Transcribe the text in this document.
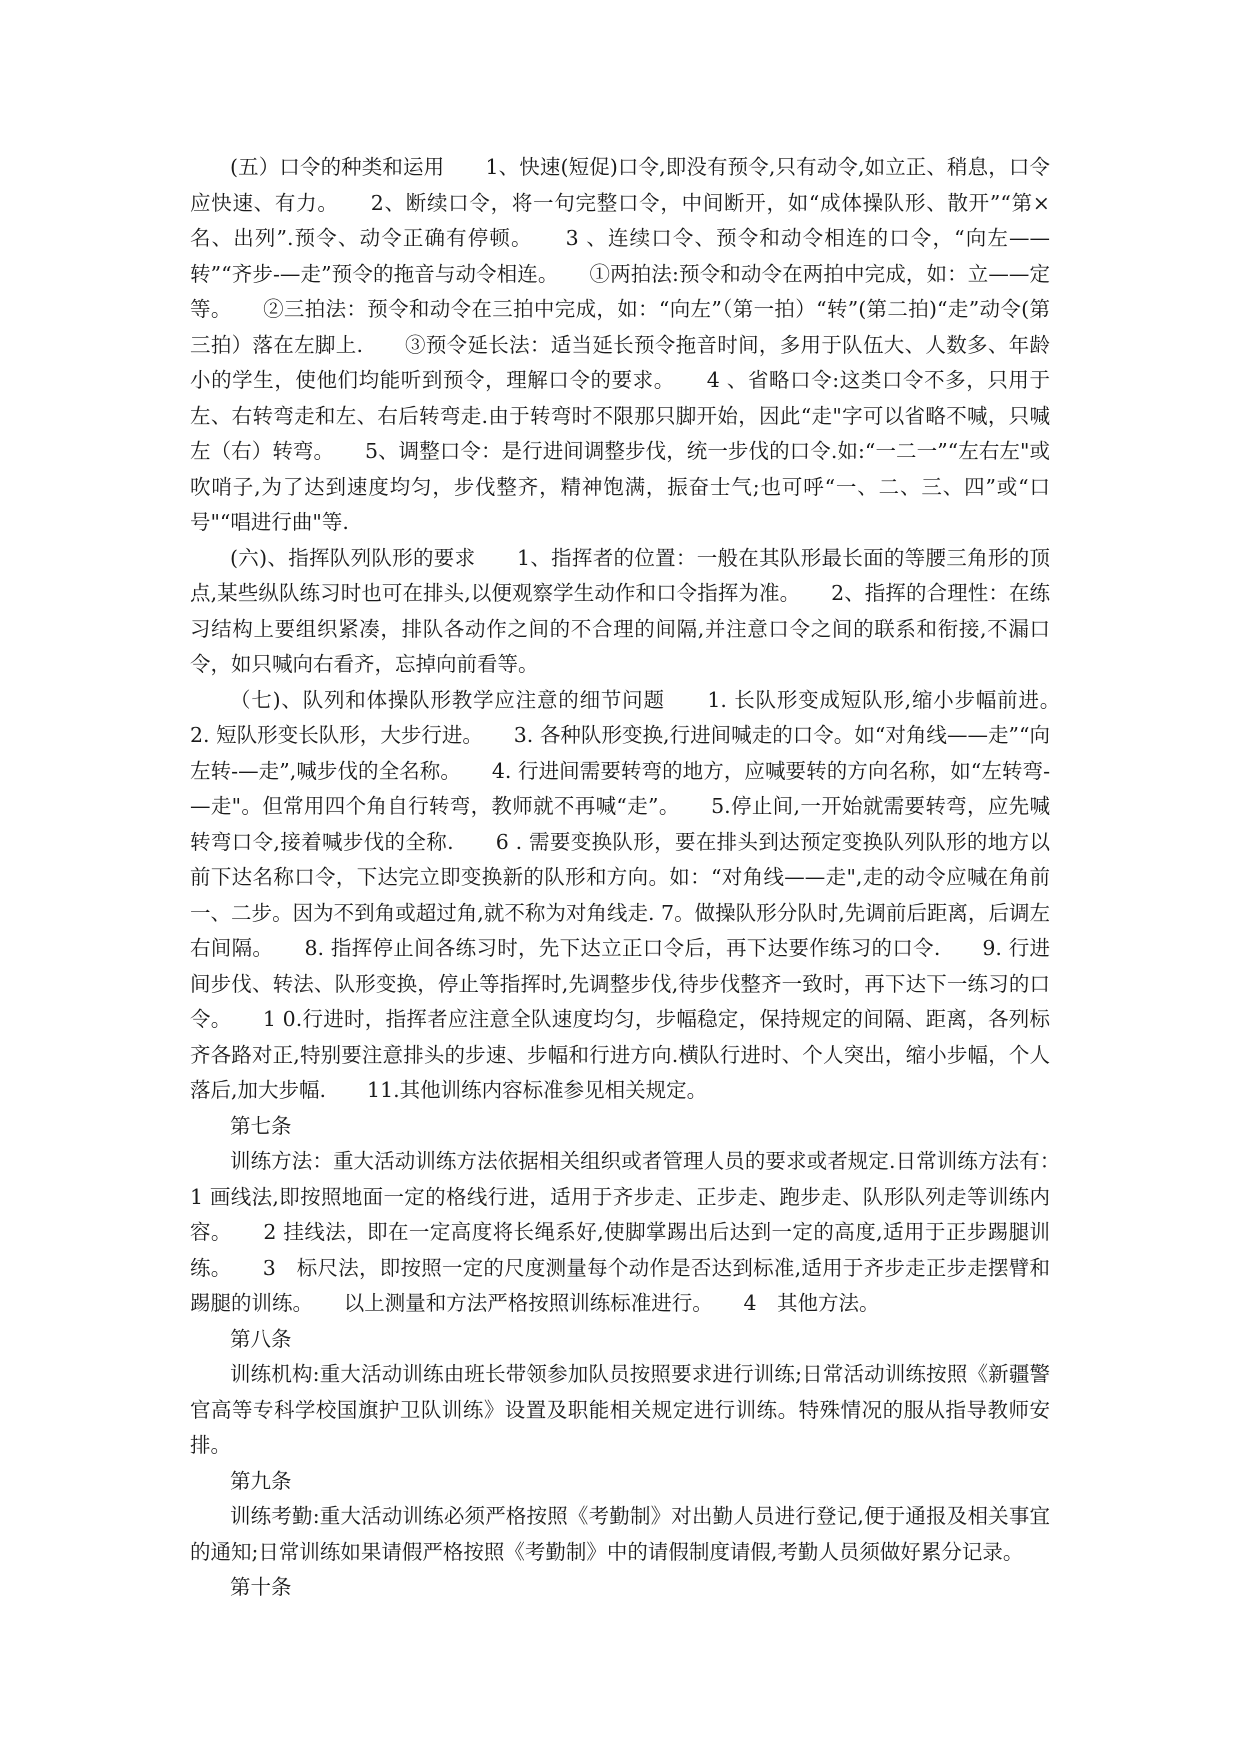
(五）口令的种类和运用　　1、快速(短促)口令,即没有预令,只有动令,如立正、稍息，口令应快速、有力。　　2、断续口令，将一句完整口令，中间断开，如“成体操队形、散开”“第×名、出列”.预令、动令正确有停顿。　　3 、连续口令、预令和动令相连的口令，“向左——转”“齐步-—走”预令的拖音与动令相连。　　①两拍法:预令和动令在两拍中完成，如：立——定等。　　②三拍法：预令和动令在三拍中完成，如：“向左”（第一拍）“转”(第二拍)“走”动令(第三拍）落在左脚上.　　③预令延长法：适当延长预令拖音时间，多用于队伍大、人数多、年龄小的学生，使他们均能听到预令，理解口令的要求。　　4 、省略口令:这类口令不多，只用于左、右转弯走和左、右后转弯走.由于转弯时不限那只脚开始，因此“走"字可以省略不喊，只喊左（右）转弯。　　5、调整口令：是行进间调整步伐，统一步伐的口令.如:“一二一”“左右左"或吹哨子,为了达到速度均匀，步伐整齐，精神饱满，振奋士气;也可呼“一、二、三、四”或“口号"“唱进行曲"等.

(六)、指挥队列队形的要求　　1、指挥者的位置：一般在其队形最长面的等腰三角形的顶点,某些纵队练习时也可在排头,以便观察学生动作和口令指挥为准。　　2、指挥的合理性：在练习结构上要组织紧凑，排队各动作之间的不合理的间隔,并注意口令之间的联系和衔接,不漏口令，如只喊向右看齐，忘掉向前看等。

（七)、队列和体操队形教学应注意的细节问题　　1. 长队形变成短队形,缩小步幅前进。　　2. 短队形变长队形，大步行进。　　3. 各种队形变换,行进间喊走的口令。如“对角线——走”“向左转-—走”,喊步伐的全名称。　　4. 行进间需要转弯的地方，应喊要转的方向名称，如“左转弯-—走"。但常用四个角自行转弯，教师就不再喊“走”。　　5.停止间,一开始就需要转弯，应先喊转弯口令,接着喊步伐的全称.　　6 . 需要变换队形，要在排头到达预定变换队列队形的地方以前下达名称口令，下达完立即变换新的队形和方向。如：“对角线——走",走的动令应喊在角前一、二步。因为不到角或超过角,就不称为对角线走. 7。做操队形分队时,先调前后距离，后调左右间隔。　　8. 指挥停止间各练习时，先下达立正口令后，再下达要作练习的口令.　　9. 行进间步伐、转法、队形变换，停止等指挥时,先调整步伐,待步伐整齐一致时，再下达下一练习的口令。　　1 0.行进时，指挥者应注意全队速度均匀，步幅稳定，保持规定的间隔、距离，各列标齐各路对正,特别要注意排头的步速、步幅和行进方向.横队行进时、个人突出，缩小步幅，个人落后,加大步幅.　　11.其他训练内容标准参见相关规定。

第七条

训练方法：重大活动训练方法依据相关组织或者管理人员的要求或者规定.日常训练方法有：　　1 画线法,即按照地面一定的格线行进，适用于齐步走、正步走、跑步走、队形队列走等训练内容。　　2 挂线法，即在一定高度将长绳系好,使脚掌踢出后达到一定的高度,适用于正步踢腿训练。　　3　标尺法，即按照一定的尺度测量每个动作是否达到标准,适用于齐步走正步走摆臂和踢腿的训练。　　以上测量和方法严格按照训练标准进行。　　4　其他方法。

第八条

训练机构:重大活动训练由班长带领参加队员按照要求进行训练;日常活动训练按照《新疆警官高等专科学校国旗护卫队训练》设置及职能相关规定进行训练。特殊情况的服从指导教师安排。

第九条

训练考勤:重大活动训练必须严格按照《考勤制》对出勤人员进行登记,便于通报及相关事宜的通知;日常训练如果请假严格按照《考勤制》中的请假制度请假,考勤人员须做好累分记录。

第十条
